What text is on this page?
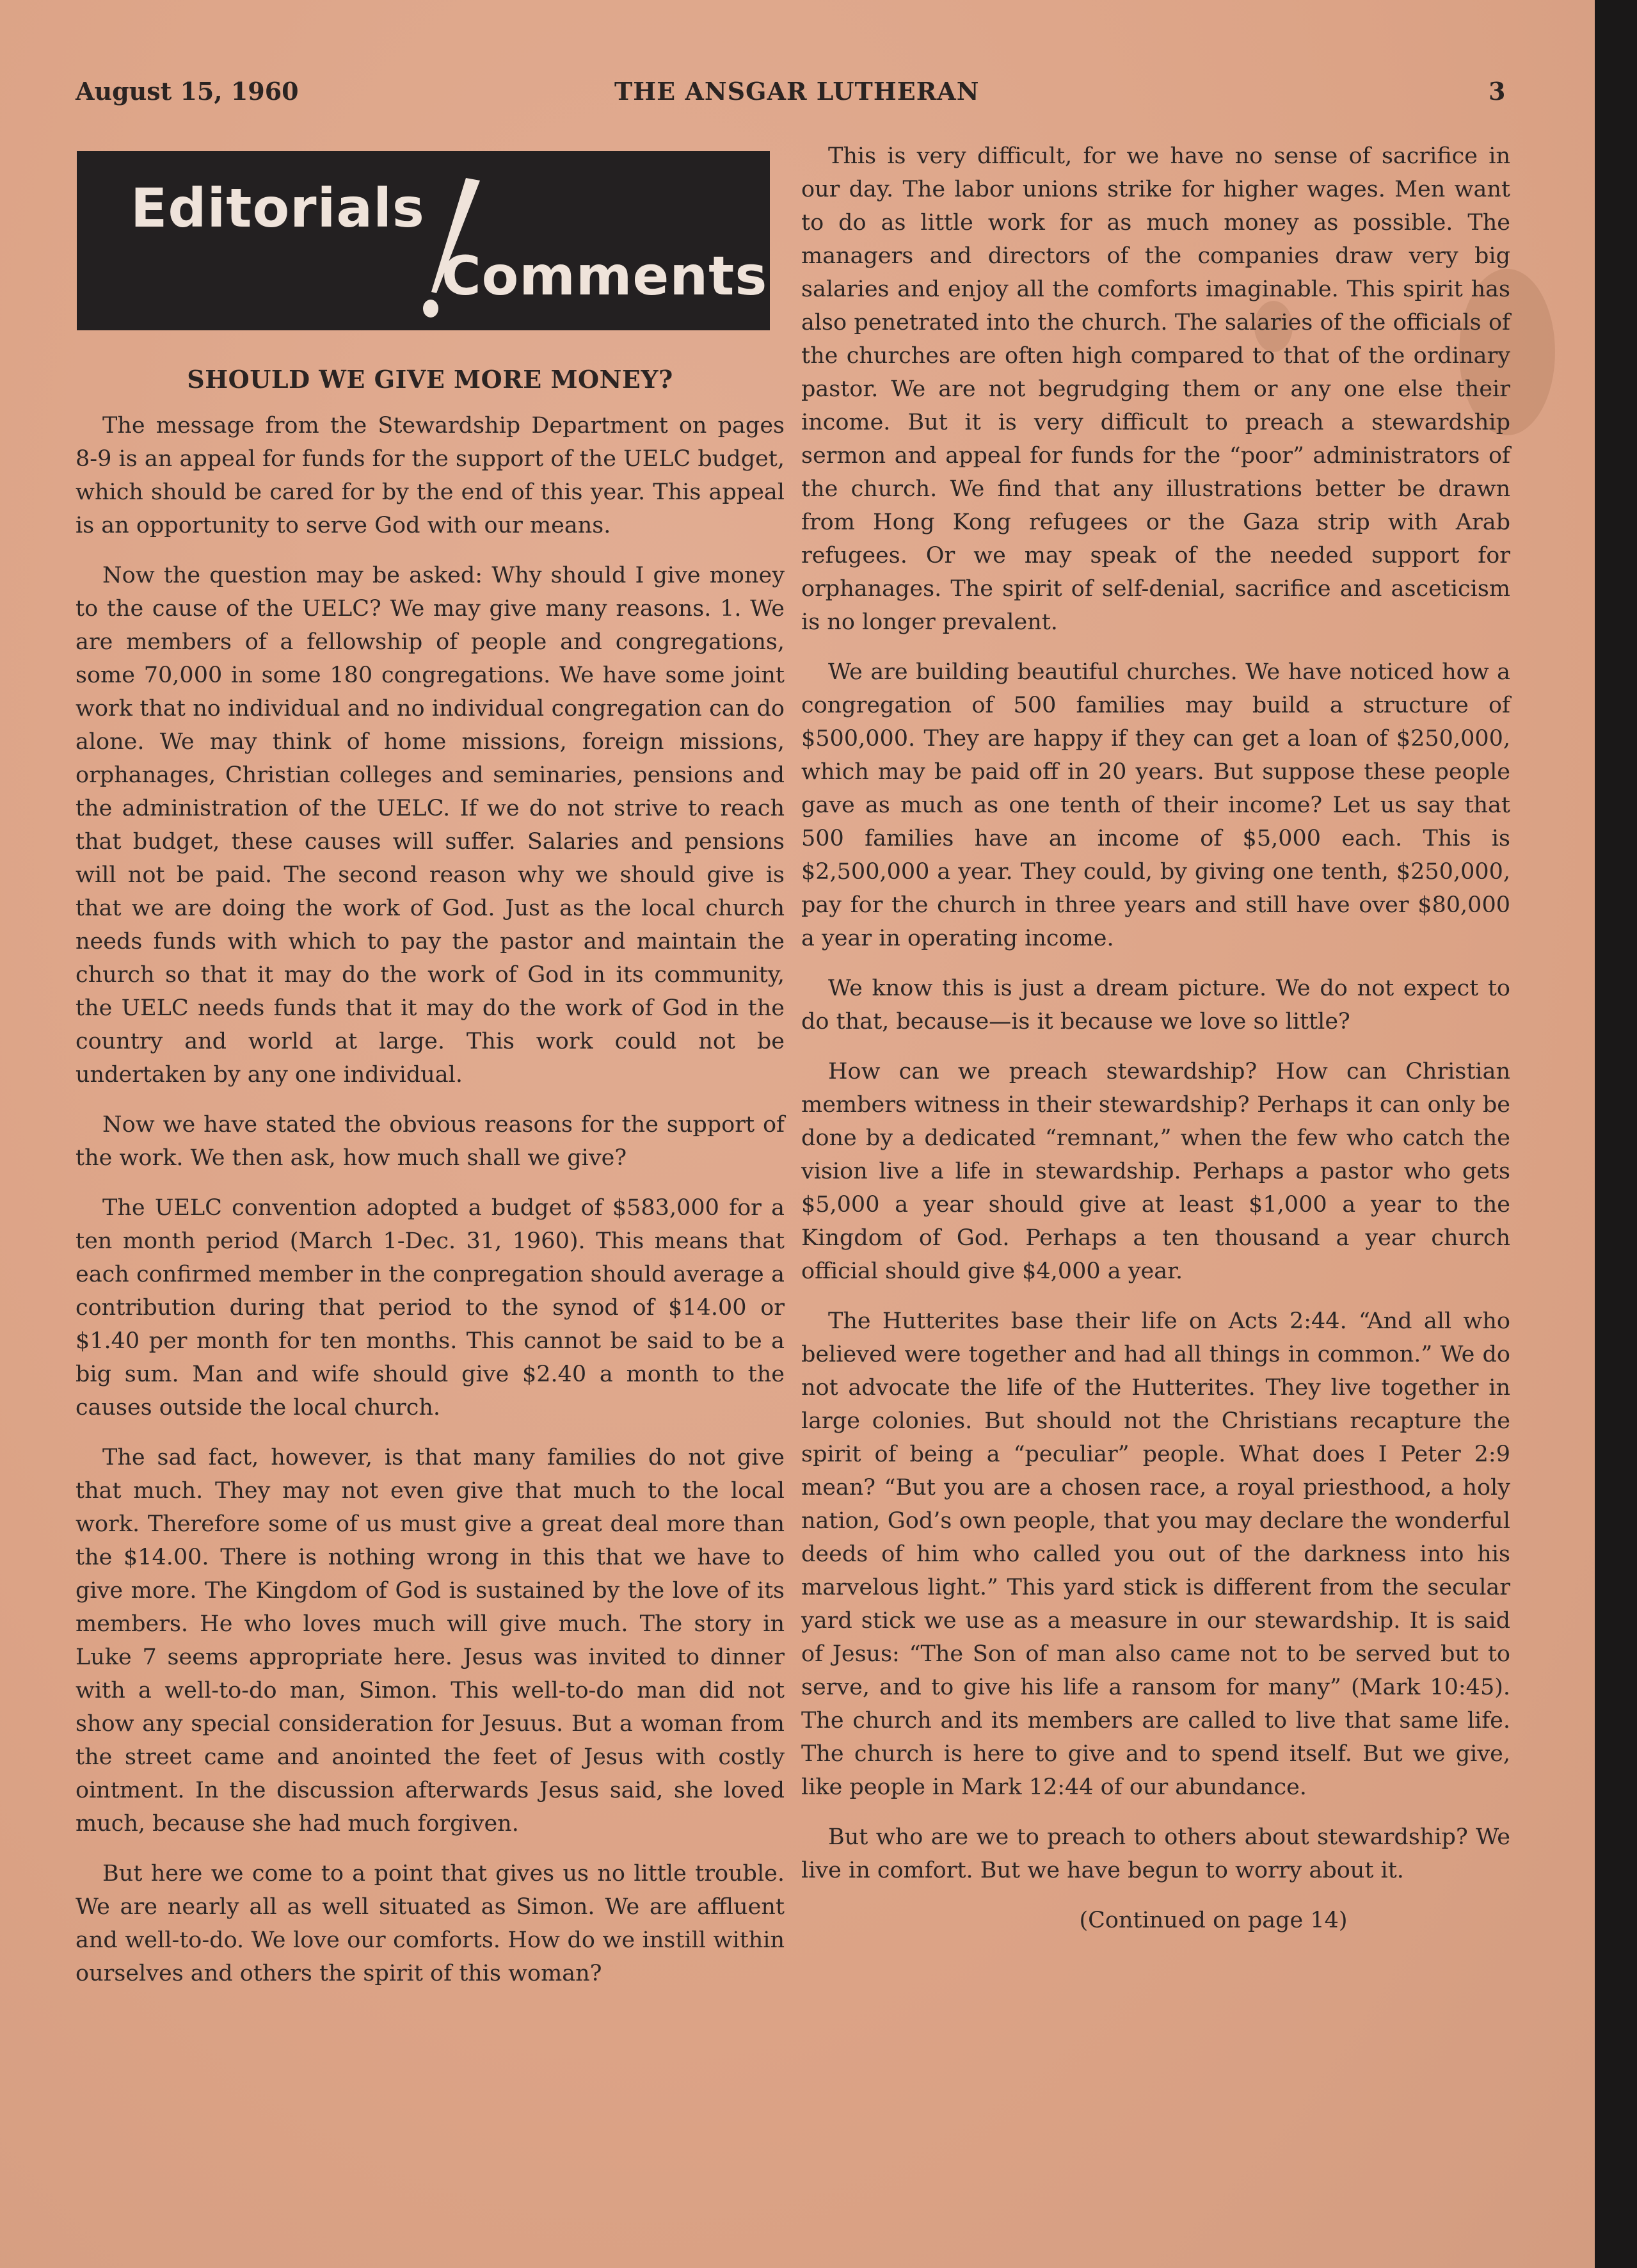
August 15, 1960	THE ANSGAR LUTHERAN	3
Editorials
Comments
SHOULD WE GIVE MORE MONEY?

The message from the Stewardship Department on pages 8-9 is an appeal for funds for the support of the UELC budget, which should be cared for by the end of this year. This appeal is an opportunity to serve God with our means.

Now the question may be asked: Why should I give money to the cause of the UELC? We may give many reasons. 1. We are members of a fellowship of people and congregations, some 70,000 in some 180 congregations. We have some joint work that no individual and no individual congregation can do alone. We may think of home missions, foreign missions, orphanages, Christian colleges and seminaries, pensions and the administration of the UELC. If we do not strive to reach that budget, these causes will suffer. Salaries and pensions will not be paid. The second reason why we should give is that we are doing the work of God. Just as the local church needs funds with which to pay the pastor and maintain the church so that it may do the work of God in its community, the UELC needs funds that it may do the work of God in the country and world at large. This work could not be undertaken by any one individual.

Now we have stated the obvious reasons for the support of the work. We then ask, how much shall we give?

The UELC convention adopted a budget of $583,000 for a ten month period (March 1-Dec. 31, 1960). This means that each confirmed member in the conpregation should average a contribution during that period to the synod of $14.00 or $1.40 per month for ten months. This cannot be said to be a big sum. Man and wife should give $2.40 a month to the causes outside the local church.

The sad fact, however, is that many families do not give that much. They may not even give that much to the local work. Therefore some of us must give a great deal more than the $14.00. There is nothing wrong in this that we have to give more. The Kingdom of God is sustained by the love of its members. He who loves much will give much. The story in Luke 7 seems appropriate here. Jesus was invited to dinner with a well-to-do man, Simon. This well-to-do man did not show any special consideration for Jesuus. But a woman from the street came and anointed the feet of Jesus with costly ointment. In the discussion afterwards Jesus said, she loved much, because she had much forgiven.

But here we come to a point that gives us no little trouble. We are nearly all as well situated as Simon. We are affluent and well-to-do. We love our comforts. How do we instill within ourselves and others the spirit of this woman?

This is very difficult, for we have no sense of sacrifice in our day. The labor unions strike for higher wages. Men want to do as little work for as much money as possible. The managers and directors of the companies draw very big salaries and enjoy all the comforts imaginable. This spirit has also penetrated into the church. The salaries of the officials of the churches are often high compared to that of the ordinary pastor. We are not begrudging them or any one else their income. But it is very difficult to preach a stewardship sermon and appeal for funds for the “poor” administrators of the church. We find that any illustrations better be drawn from Hong Kong refugees or the Gaza strip with Arab refugees. Or we may speak of the needed support for orphanages. The spirit of self-denial, sacrifice and asceticism is no longer prevalent.

We are building beautiful churches. We have noticed how a congregation of 500 families may build a structure of $500,000. They are happy if they can get a loan of $250,000, which may be paid off in 20 years. But suppose these people gave as much as one tenth of their income? Let us say that 500 families have an income of $5,000 each. This is $2,500,000 a year. They could, by giving one tenth, $250,000, pay for the church in three years and still have over $80,000 a year in operating income.

We know this is just a dream picture. We do not expect to do that, because—is it because we love so little?

How can we preach stewardship? How can Christian members witness in their stewardship? Perhaps it can only be done by a dedicated “remnant,” when the few who catch the vision live a life in stewardship. Perhaps a pastor who gets $5,000 a year should give at least $1,000 a year to the Kingdom of God. Perhaps a ten thousand a year church official should give $4,000 a year.

The Hutterites base their life on Acts 2:44. “And all who believed were together and had all things in common.” We do not advocate the life of the Hutterites. They live together in large colonies. But should not the Christians recapture the spirit of being a “peculiar” people. What does I Peter 2:9 mean? “But you are a chosen race, a royal priesthood, a holy nation, God’s own people, that you may declare the wonderful deeds of him who called you out of the darkness into his marvelous light.” This yard stick is different from the secular yard stick we use as a measure in our stewardship. It is said of Jesus: “The Son of man also came not to be served but to serve, and to give his life a ransom for many” (Mark 10:45). The church and its members are called to live that same life. The church is here to give and to spend itself. But we give, like people in Mark 12:44 of our abundance.

But who are we to preach to others about stewardship? We live in comfort. But we have begun to worry about it.

(Continued on page 14)
